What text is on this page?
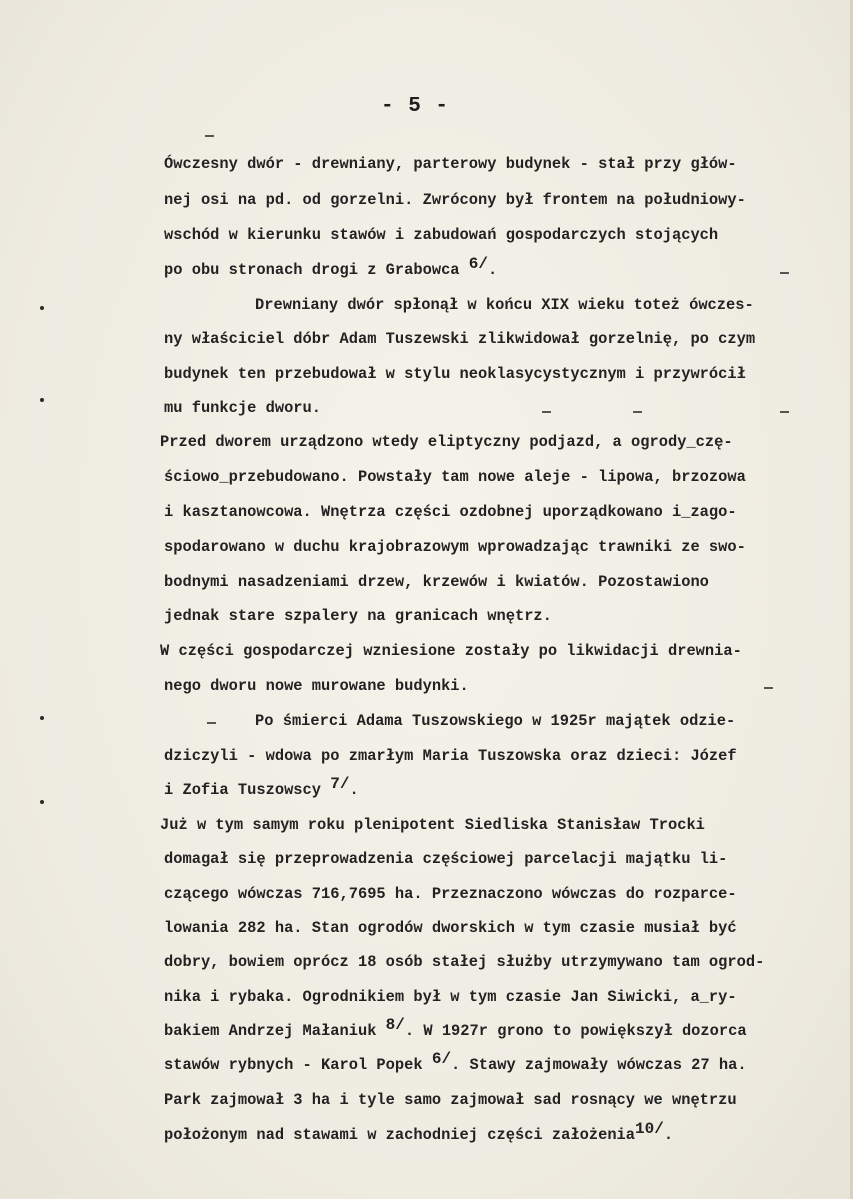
- 5 -
Ówczesny dwór - drewniany, parterowy budynek - stał przy głów-
nej osi na pd. od gorzelni. Zwrócony był frontem na południowy-
wschód w kierunku stawów i zabudowań gospodarczych stojących
po obu stronach drogi z Grabowca $^{6/}$.
Drewniany dwór spłonął w końcu XIX wieku toteż ówczes-
ny właściciel dóbr Adam Tuszewski zlikwidował gorzelnię, po czym
budynek ten przebudował w stylu neoklasycystycznym i przywrócił
mu funkcje dworu.
Przed dworem urządzono wtedy eliptyczny podjazd, a ogrody_czę-
ściowo_przebudowano. Powstały tam nowe aleje - lipowa, brzozowa
i kasztanowcowa. Wnętrza części ozdobnej uporządkowano i_zago-
spodarowano w duchu krajobrazowym wprowadzając trawniki ze swo-
bodnymi nasadzeniami drzew, krzewów i kwiatów. Pozostawiono
jednak stare szpalery na granicach wnętrz.
W części gospodarczej wzniesione zostały po likwidacji drewnia-
nego dworu nowe murowane budynki.
Po śmierci Adama Tuszowskiego w 1925r majątek odzie-
dziczyli - wdowa po zmarłym Maria Tuszowska oraz dzieci: Józef
i Zofia Tuszowscy $^{7/}$.
Już w tym samym roku plenipotent Siedliska Stanisław Trocki
domagał się przeprowadzenia częściowej parcelacji majątku li-
czącego wówczas 716,7695 ha. Przeznaczono wówczas do rozparce-
lowania 282 ha. Stan ogrodów dworskich w tym czasie musiał być
dobry, bowiem oprócz 18 osób stałej służby utrzymywano tam ogrod-
nika i rybaka. Ogrodnikiem był w tym czasie Jan Siwicki, a_ry-
bakiem Andrzej Małaniuk $^{8/}$. W 1927r grono to powiększył dozorca
stawów rybnych - Karol Popek $^{6/}$. Stawy zajmowały wówczas 27 ha.
Park zajmował 3 ha i tyle samo zajmował sad rosnący we wnętrzu
położonym nad stawami w zachodniej części założenia$^{10/}$.
